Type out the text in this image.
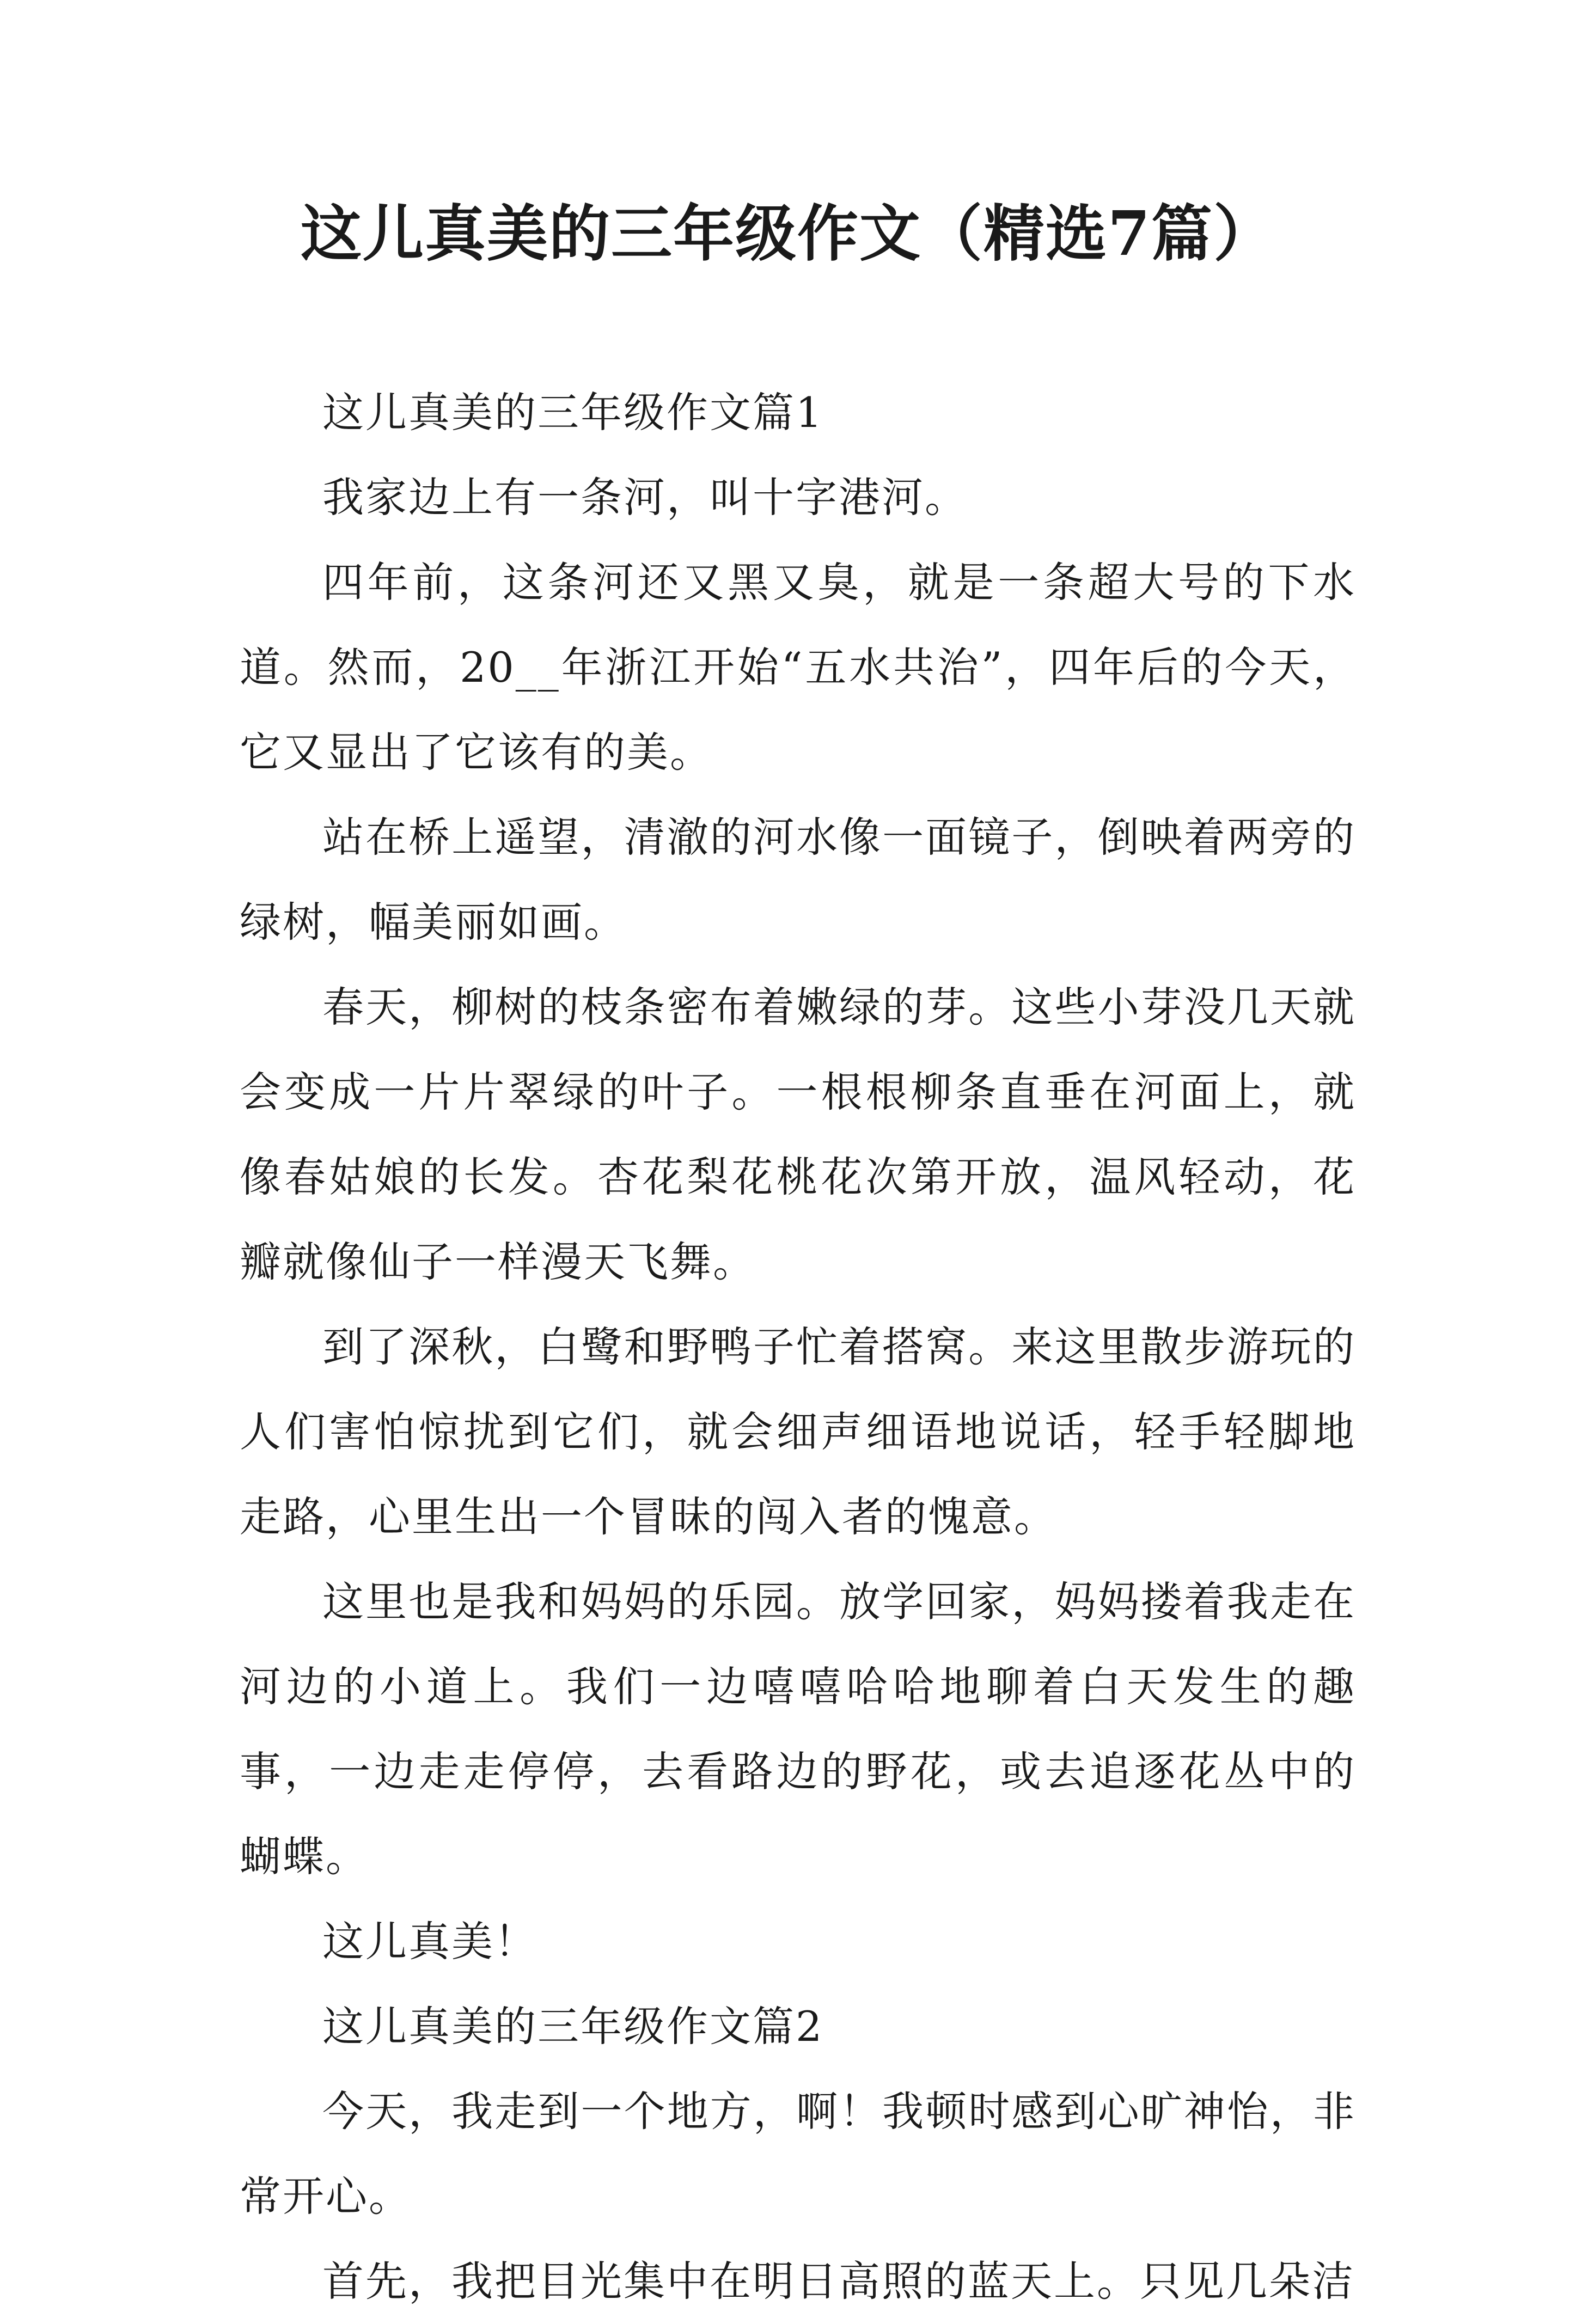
这儿真美的三年级作文（精选7篇）

这儿真美的三年级作文篇1

我家边上有一条河，叫十字港河。

四年前，这条河还又黑又臭，就是一条超大号的下水道。然而，20__年浙江开始“五水共治”，四年后的今天，它又显出了它该有的美。

站在桥上遥望，清澈的河水像一面镜子，倒映着两旁的绿树，幅美丽如画。

春天，柳树的枝条密布着嫩绿的芽。这些小芽没几天就会变成一片片翠绿的叶子。一根根柳条直垂在河面上，就像春姑娘的长发。杏花梨花桃花次第开放，温风轻动，花瓣就像仙子一样漫天飞舞。

到了深秋，白鹭和野鸭子忙着搭窝。来这里散步游玩的人们害怕惊扰到它们，就会细声细语地说话，轻手轻脚地走路，心里生出一个冒昧的闯入者的愧意。

这里也是我和妈妈的乐园。放学回家，妈妈搂着我走在河边的小道上。我们一边嘻嘻哈哈地聊着白天发生的趣事，一边走走停停，去看路边的野花，或去追逐花丛中的蝴蝶。

这儿真美！

这儿真美的三年级作文篇2

今天，我走到一个地方，啊！我顿时感到心旷神怡，非常开心。

首先，我把目光集中在明日高照的蓝天上。只见几朵洁
